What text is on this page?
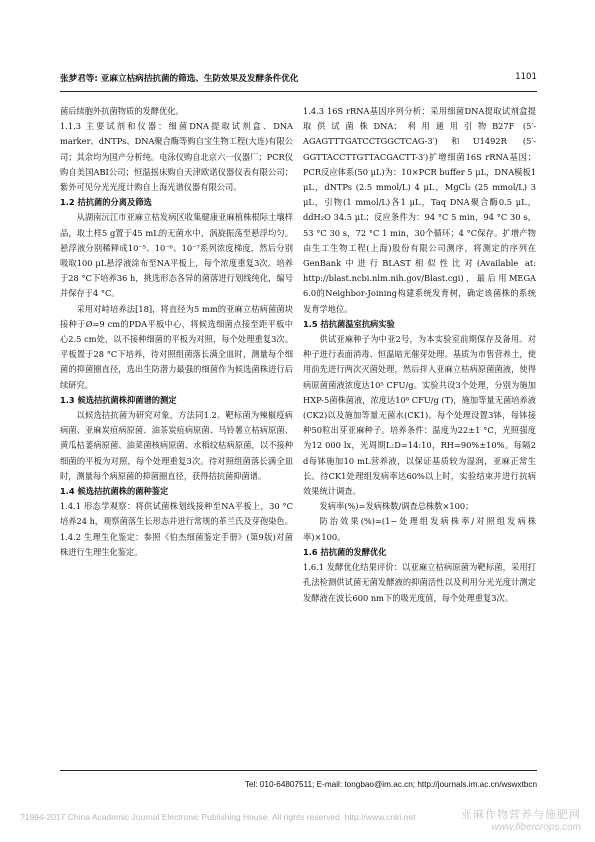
张梦君等: 亚麻立枯病拮抗菌的筛选、生防效果及发酵条件优化	1101

菌后续胞外抗菌物质的发酵优化。

1.1.3 主要试剂和仪器：细菌DNA提取试剂盒、DNA marker、dNTPs、DNA聚合酶等购自宝生物工程(大连)有限公司；其余均为国产分析纯。电泳仪购自北京六一仪器厂；PCR仪购自美国ABI公司；恒温摇床购自天津欧诺仪器仪表有限公司；紫外可见分光光度计购自上海光谱仪器有限公司。

1.2 拮抗菌的分离及筛选

从湖南沅江市亚麻立枯发病区收集健康亚麻植株根际土壤样品，取土样5 g置于45 mL的无菌水中，涡旋振荡至悬浮均匀。悬浮液分别稀释成10⁻⁵、10⁻⁶、10⁻⁷系列浓度梯度，然后分别吸取100 μL悬浮液涂布至NA平板上，每个浓度重复3次。培养于28 °C下培养36 h，挑选形态各异的菌落进行划线纯化，编号并保存于4 °C。

采用对峙培养法[18]，将直径为5 mm的亚麻立枯病菌菌块接种于Ø=9 cm的PDA平板中心，将候选细菌点接至距平板中心2.5 cm处，以不接种细菌的平板为对照，每个处理重复3次。平板置于28 °C下培养，待对照组菌落长满全皿时，测量每个细菌的抑菌圈直径，选出生防潜力最强的细菌作为候选菌株进行后续研究。

1.3 候选拮抗菌株抑菌谱的测定

以候选拮抗菌为研究对象，方法同1.2。靶标菌为辣椒疫病病菌、亚麻炭疽病原菌、油茶炭疽病原菌、马铃薯立枯病原菌、黄瓜枯萎病原菌、油菜菌核病原菌、水稻纹枯病原菌，以不接种细菌的平板为对照，每个处理重复3次。待对照组菌落长满全皿时，测量每个病原菌的抑菌圈直径，获得拮抗菌抑菌谱。

1.4 候选拮抗菌株的菌种鉴定

1.4.1 形态学观察：将供试菌株划线接种至NA平板上，30 °C培养24 h，观察菌落生长形态并进行常规的革兰氏及芽孢染色。

1.4.2 生理生化鉴定：参照《伯杰细菌鉴定手册》(第9版)对菌株进行生理生化鉴定。

1.4.3 16S rRNA基因序列分析：采用细菌DNA提取试剂盒提取供试菌株DNA；利用通用引物B27F (5′-AGAGTTTGATCCTGGCTCAG-3′)和U1492R (5′-GGTTACCTTGTTACGACTT-3′)扩增细菌16S rRNA基因；PCR反应体系(50 μL)为：10×PCR buffer 5 μL，DNA模板1 μL，dNTPs (2.5 mmol/L) 4 μL，MgCl₂ (25 mmol/L) 3 μL，引物(1 mmol/L)各1 μL，Taq DNA聚合酶0.5 μL，ddH₂O 34.5 μL；反应条件为：94 °C 5 min，94 °C 30 s，53 °C 30 s，72 °C 1 min，30个循环；4 °C保存。扩增产物由生工生物工程(上海)股份有限公司测序，将测定的序列在GenBank中进行BLAST相似性比对(Available at: http://blast.ncbi.nlm.nih.gov/Blast.cgi)，最后用MEGA 6.0的Neighbor-Joining构建系统发育树，确定该菌株的系统发育学地位。

1.5 拮抗菌温室抗病实验

供试亚麻种子为中亚2号，为本实验室前期保存及备用。对种子进行表面消毒、恒温暗光催芽处理。基质为市售营养土，使用前先进行两次灭菌处理，然后拌入亚麻立枯病原菌菌液，使得病原菌菌液浓度达10⁵ CFU/g。实验共设3个处理，分别为施加HXP-5菌株菌液，浓度达10⁸ CFU/g (T)，施加等量无菌培养液(CK2)以及施加等量无菌水(CK1)。每个处理设置3钵，每钵接种50粒出芽亚麻种子。培养条件：温度为22±1 °C，光照强度为12 000 lx，光周期L:D=14:10，RH=90%±10%。每隔2 d每钵施加10 mL营养液，以保证基质较为湿润，亚麻正常生长。待CK1处理组发病率达60%以上时，实验结束并进行抗病效果统计调查。

发病率(%)=发病株数/调查总株数×100；

防治效果(%)=(1−处理组发病株率/对照组发病株率)×100。

1.6 拮抗菌的发酵优化

1.6.1 发酵优化结果评价：以亚麻立枯病原菌为靶标菌，采用打孔法检测供试菌无菌发酵液的抑菌活性以及利用分光光度计测定发酵液在波长600 nm下的吸光度值，每个处理重复3次。

Tel: 010-64807511; E-mail: tongbao@im.ac.cn; http://journals.im.ac.cn/wswxtbcn
?1994-2017 China Academic Journal Electronic Publishing House. All rights reserved. http://www.cnki.net	亚麻作物营养与施肥网
www.fibercrops.com
